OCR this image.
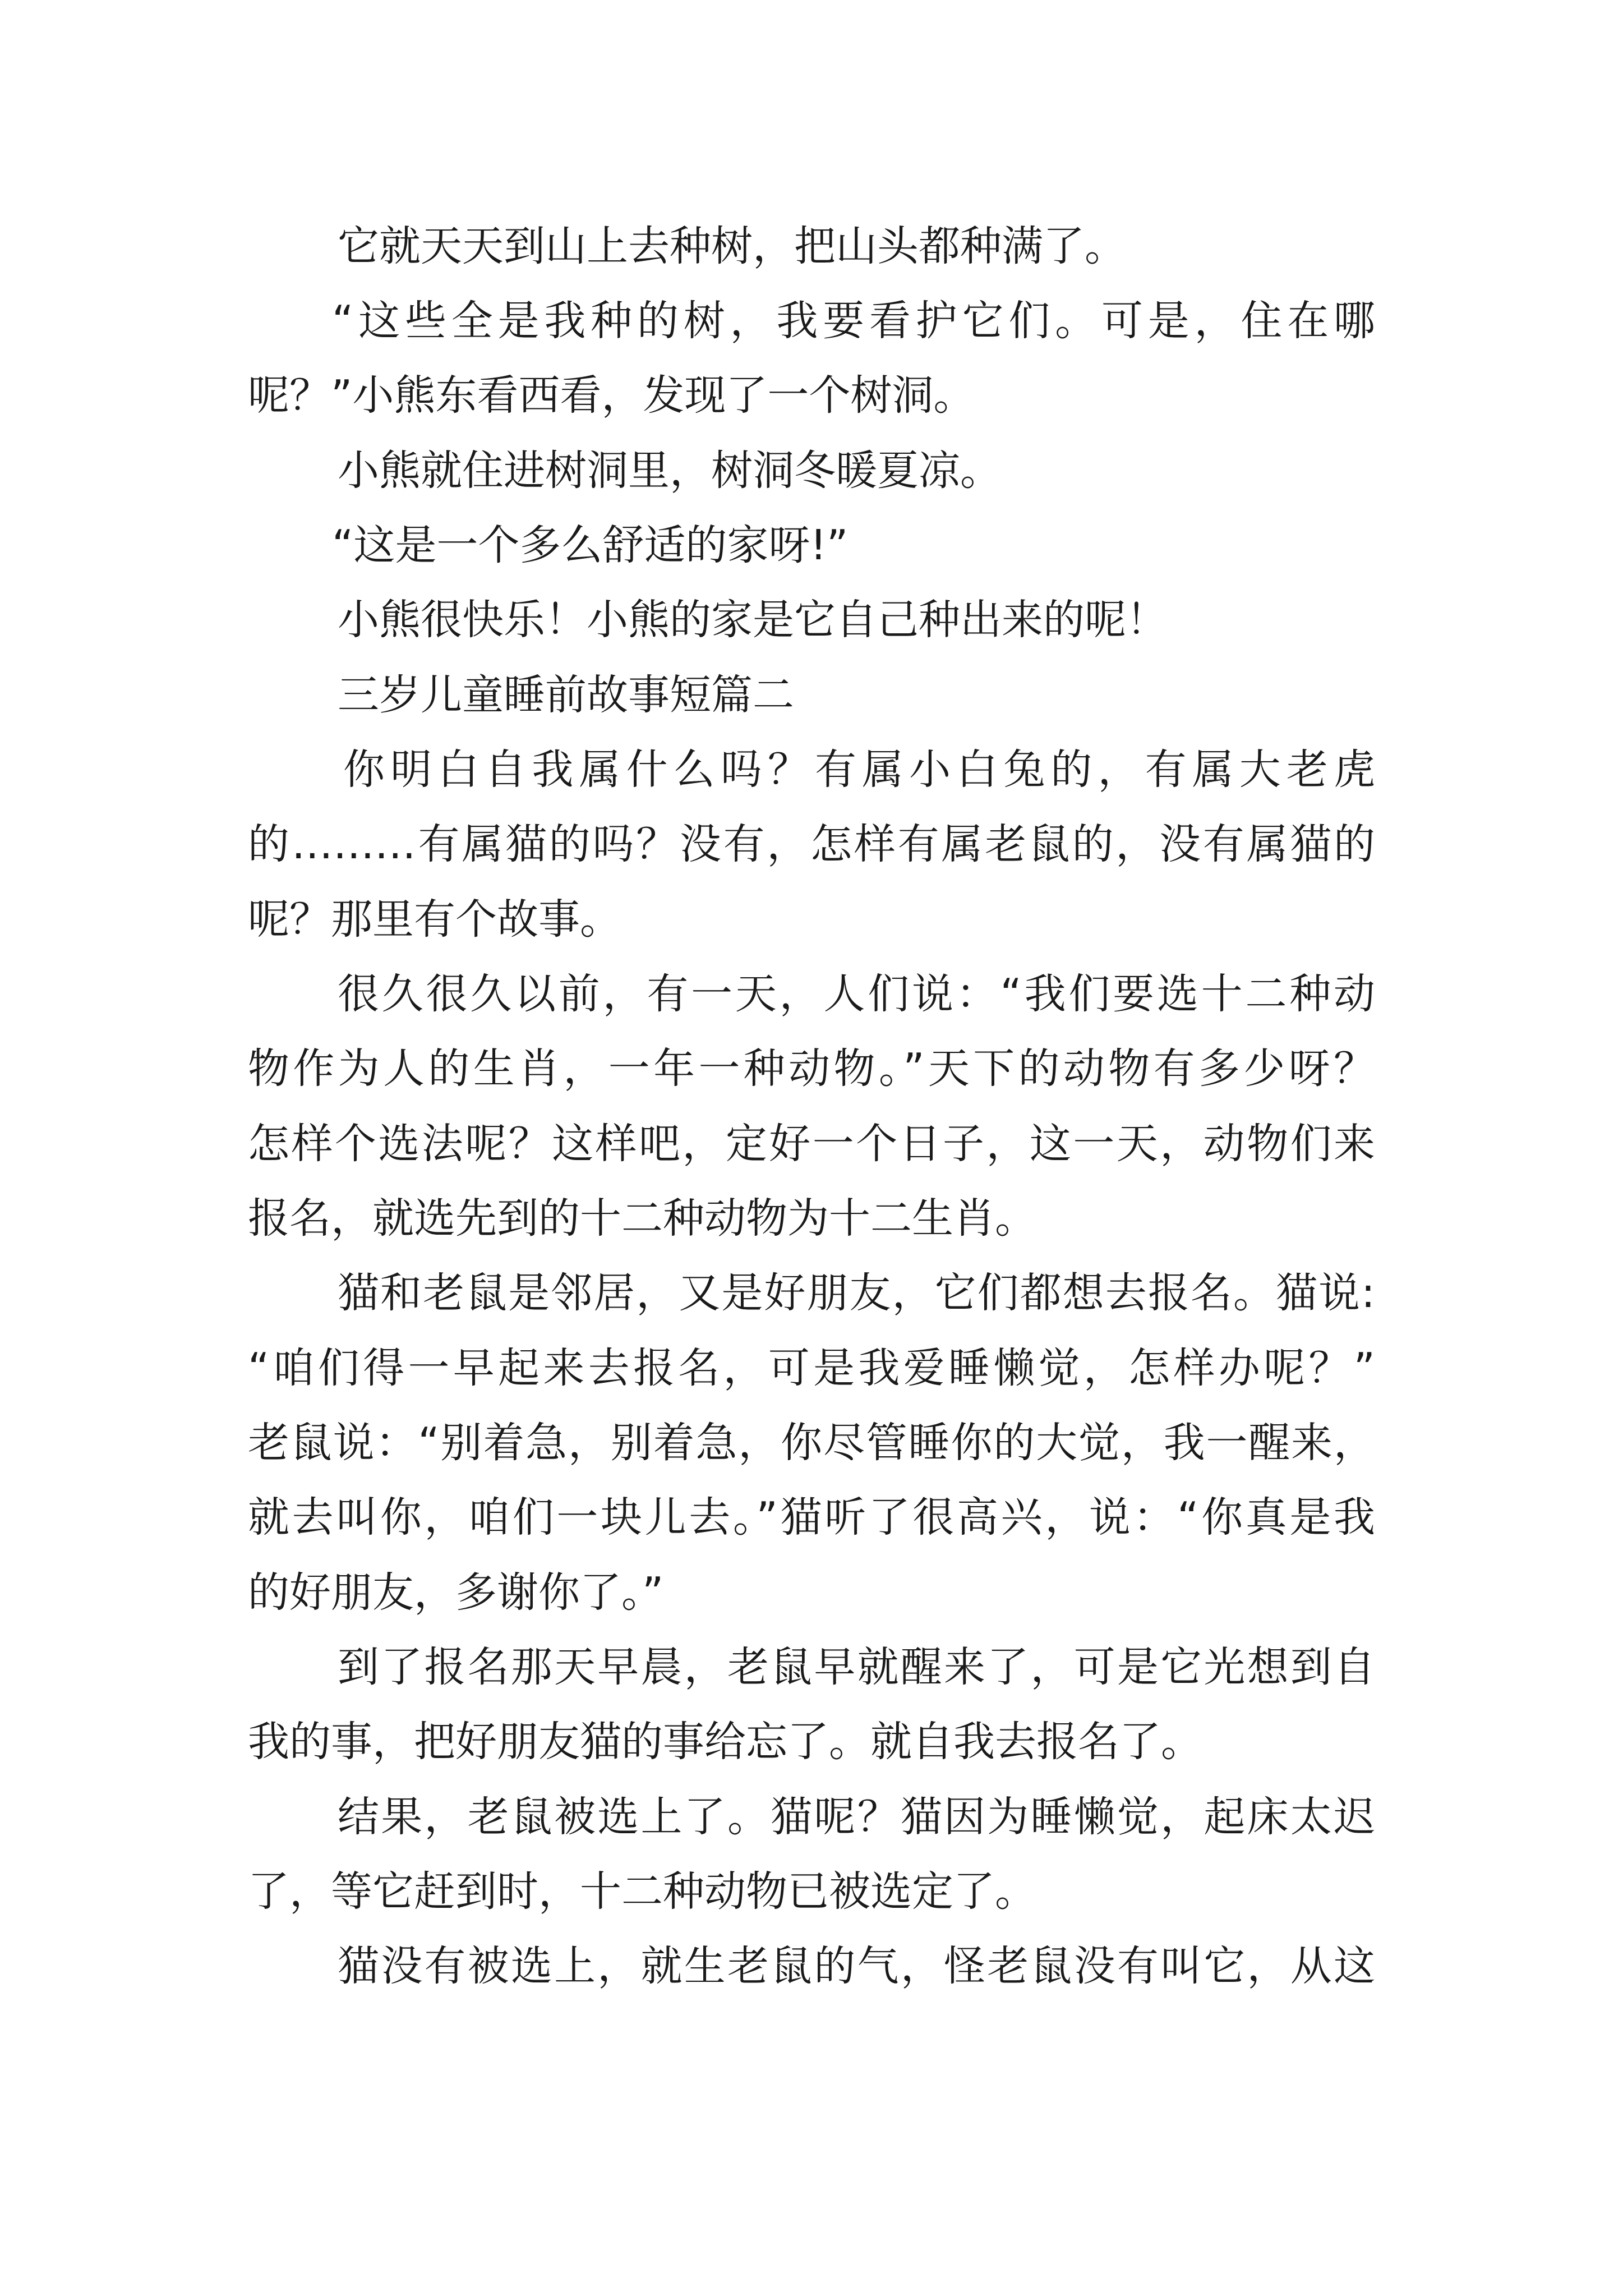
它就天天到山上去种树，把山头都种满了。

“这些全是我种的树，我要看护它们。可是，住在哪

呢？”小熊东看西看，发现了一个树洞。

小熊就住进树洞里，树洞冬暖夏凉。

“这是一个多么舒适的家呀!”

小熊很快乐！小熊的家是它自己种出来的呢！

三岁儿童睡前故事短篇二

你明白自我属什么吗？有属小白兔的，有属大老虎

的………有属猫的吗？没有，怎样有属老鼠的，没有属猫的

呢？那里有个故事。

很久很久以前，有一天，人们说：“我们要选十二种动

物作为人的生肖，一年一种动物。”天下的动物有多少呀？

怎样个选法呢？这样吧，定好一个日子，这一天，动物们来

报名，就选先到的十二种动物为十二生肖。

猫和老鼠是邻居，又是好朋友，它们都想去报名。猫说:

“咱们得一早起来去报名，可是我爱睡懒觉，怎样办呢？”

老鼠说：“别着急，别着急，你尽管睡你的大觉，我一醒来，

就去叫你，咱们一块儿去。”猫听了很高兴，说：“你真是我

的好朋友，多谢你了。”

到了报名那天早晨，老鼠早就醒来了，可是它光想到自

我的事，把好朋友猫的事给忘了。就自我去报名了。

结果，老鼠被选上了。猫呢？猫因为睡懒觉，起床太迟

了，等它赶到时，十二种动物已被选定了。

猫没有被选上，就生老鼠的气，怪老鼠没有叫它，从这
